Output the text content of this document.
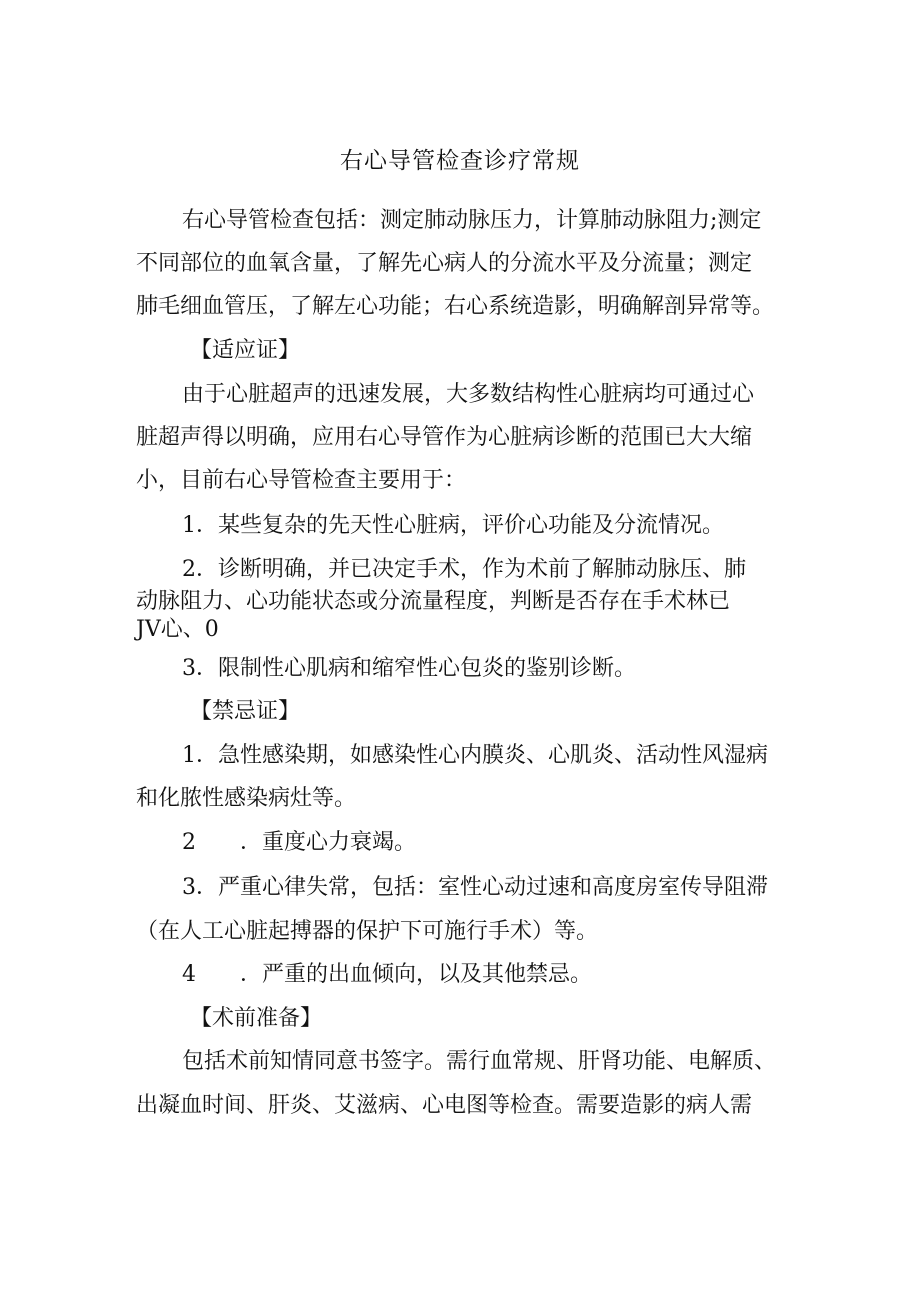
右心导管检查诊疗常规
右心导管检查包括：测定肺动脉压力，计算肺动脉阻力;测定
不同部位的血氧含量，了解先心病人的分流水平及分流量；测定
肺毛细血管压，了解左心功能；右心系统造影，明确解剖异常等。
【适应证】
由于心脏超声的迅速发展，大多数结构性心脏病均可通过心
脏超声得以明确，应用右心导管作为心脏病诊断的范围已大大缩
小，目前右心导管检查主要用于：
1．某些复杂的先天性心脏病，评价心功能及分流情况。
2．诊断明确，并已决定手术，作为术前了解肺动脉压、肺
动脉阻力、心功能状态或分流量程度，判断是否存在手术林已
JV心、0
3．限制性心肌病和缩窄性心包炎的鉴别诊断。
【禁忌证】
1．急性感染期，如感染性心内膜炎、心肌炎、活动性风湿病
和化脓性感染病灶等。
2　　．重度心力衰竭。
3．严重心律失常，包括：室性心动过速和高度房室传导阻滞
（在人工心脏起搏器的保护下可施行手术）等。
4　　．严重的出血倾向，以及其他禁忌。
【术前准备】
包括术前知情同意书签字。需行血常规、肝肾功能、电解质、
出凝血时间、肝炎、艾滋病、心电图等检查。需要造影的病人需
